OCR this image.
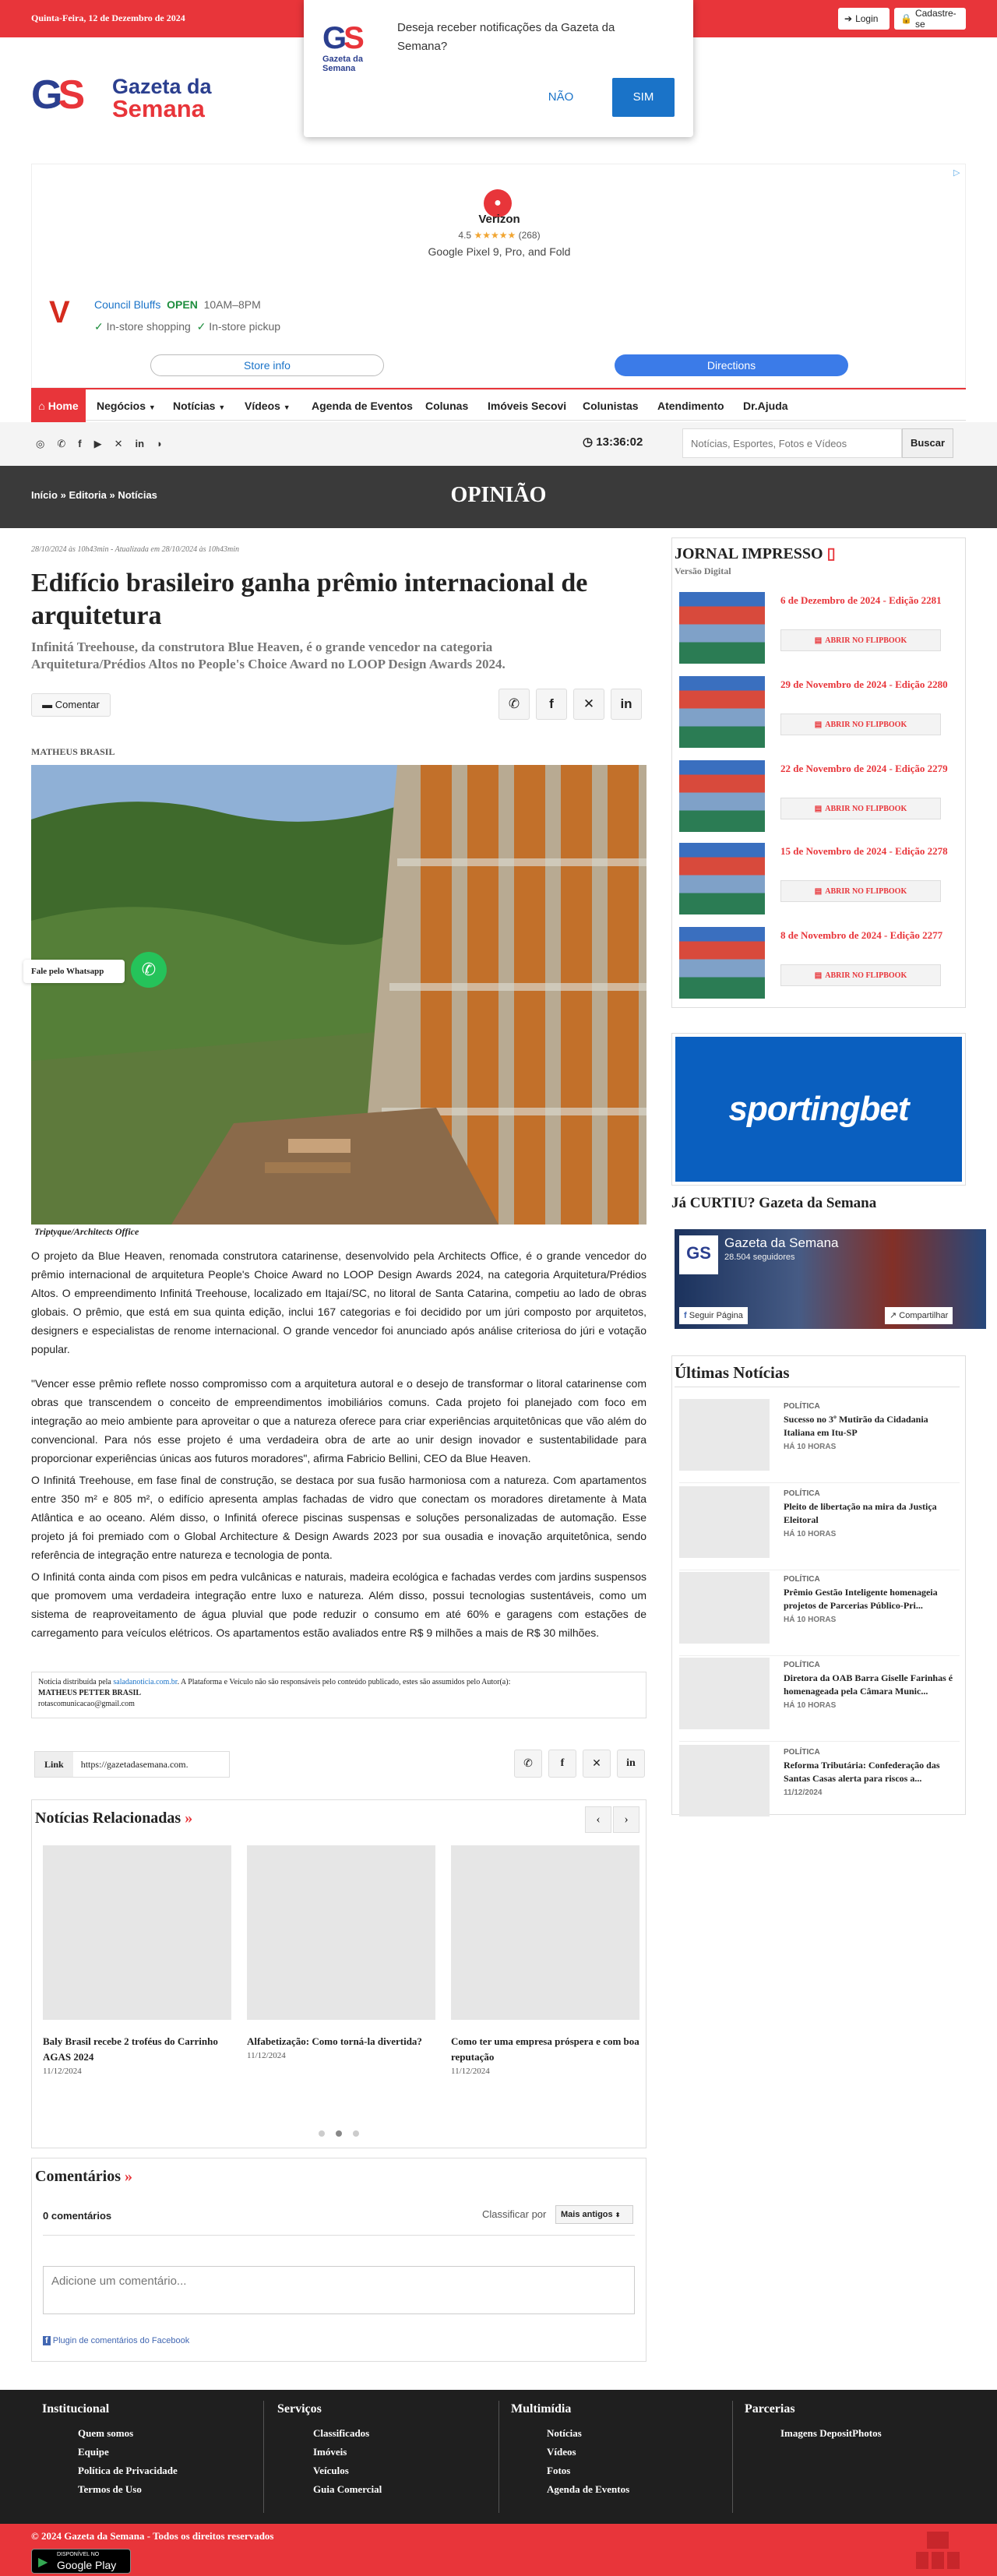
Quinta-Feira, 12 de Dezembro de 2024	➔ Login 🔒 Cadastre-se
GS Gazeta da
Semana
GS
Gazeta da Semana
Deseja receber notificações da Gazeta da Semana?
NÃO	SIM
▷
●
Verizon
4.5 ★★★★★ (268)
Google Pixel 9, Pro, and Fold
V Council Bluffs OPEN 10AM–8PM
✓ In-store shopping ✓ In-store pickup
Store info	Directions
⌂ Home	Negócios ▼ Notícias ▼ Vídeos ▼ Agenda de Eventos Colunas Imóveis Secovi Colunistas Atendimento Dr.Ajuda
◎ ✆ f ▶ ✕ in ◗	◷ 13:36:02
Notícias, Esportes, Fotos e Vídeos	Buscar
Início » Editoria » Notícias	OPINIÃO
28/10/2024 às 10h43min - Atualizada em 28/10/2024 às 10h43min
Edifício brasileiro ganha prêmio internacional de arquitetura
Infinitá Treehouse, da construtora Blue Heaven, é o grande vencedor na categoria Arquitetura/Prédios Altos no People's Choice Award no LOOP Design Awards 2024.
▬ Comentar	✆	f	✕	in
MATHEUS BRASIL
Triptyque/Architects Office
Fale pelo Whatsapp	✆

O projeto da Blue Heaven, renomada construtora catarinense, desenvolvido pela Architects Office, é o grande vencedor do prêmio internacional de arquitetura People's Choice Award no LOOP Design Awards 2024, na categoria Arquitetura/Prédios Altos. O empreendimento Infinitá Treehouse, localizado em Itajaí/SC, no litoral de Santa Catarina, competiu ao lado de obras globais. O prêmio, que está em sua quinta edição, inclui 167 categorias e foi decidido por um júri composto por arquitetos, designers e especialistas de renome internacional. O grande vencedor foi anunciado após análise criteriosa do júri e votação popular.

"Vencer esse prêmio reflete nosso compromisso com a arquitetura autoral e o desejo de transformar o litoral catarinense com obras que transcendem o conceito de empreendimentos imobiliários comuns. Cada projeto foi planejado com foco em integração ao meio ambiente para aproveitar o que a natureza oferece para criar experiências arquitetônicas que vão além do convencional. Para nós esse projeto é uma verdadeira obra de arte ao unir design inovador e sustentabilidade para proporcionar experiências únicas aos futuros moradores", afirma Fabricio Bellini, CEO da Blue Heaven.

O Infinitá Treehouse, em fase final de construção, se destaca por sua fusão harmoniosa com a natureza. Com apartamentos entre 350 m² e 805 m², o edifício apresenta amplas fachadas de vidro que conectam os moradores diretamente à Mata Atlântica e ao oceano. Além disso, o Infinitá oferece piscinas suspensas e soluções personalizadas de automação. Esse projeto já foi premiado com o Global Architecture & Design Awards 2023 por sua ousadia e inovação arquitetônica, sendo referência de integração entre natureza e tecnologia de ponta.

O Infinitá conta ainda com pisos em pedra vulcânicas e naturais, madeira ecológica e fachadas verdes com jardins suspensos que promovem uma verdadeira integração entre luxo e natureza. Além disso, possui tecnologias sustentáveis, como um sistema de reaproveitamento de água pluvial que pode reduzir o consumo em até 60% e garagens com estações de carregamento para veículos elétricos. Os apartamentos estão avaliados entre R$ 9 milhões a mais de R$ 30 milhões.

Notícia distribuída pela saladanoticia.com.br. A Plataforma e Veículo não são responsáveis pelo conteúdo publicado, estes são assumidos pelo Autor(a):
MATHEUS PETTER BRASIL
rotascomunicacao@gmail.com
Link	https://gazetadasemana.com.	✆	f	✕	in
Notícias Relacionadas »	‹	›
Baly Brasil recebe 2 troféus do Carrinho AGAS 2024
11/12/2024
Alfabetização: Como torná-la divertida?
11/12/2024
Como ter uma empresa próspera e com boa reputação
11/12/2024
Comentários »
0 comentários	Classificar por	Mais antigos ⬍
Adicione um comentário...
f Plugin de comentários do Facebook
JORNAL IMPRESSO ▯
Versão Digital
6 de Dezembro de 2024 - Edição 2281
▤ ABRIR NO FLIPBOOK
29 de Novembro de 2024 - Edição 2280
▤ ABRIR NO FLIPBOOK
22 de Novembro de 2024 - Edição 2279
▤ ABRIR NO FLIPBOOK
15 de Novembro de 2024 - Edição 2278
▤ ABRIR NO FLIPBOOK
8 de Novembro de 2024 - Edição 2277
▤ ABRIR NO FLIPBOOK
sportingbet
Já CURTIU? Gazeta da Semana
GS
Gazeta da Semana
28.504 seguidores
f Seguir Página	↗ Compartilhar
Últimas Notícias
POLÍTICA
Sucesso no 3º Mutirão da Cidadania Italiana em Itu-SP
HÁ 10 HORAS
POLÍTICA
Pleito de libertação na mira da Justiça Eleitoral
HÁ 10 HORAS
POLÍTICA
Prêmio Gestão Inteligente homenageia projetos de Parcerias Público-Pri...
HÁ 10 HORAS
POLÍTICA
Diretora da OAB Barra Giselle Farinhas é homenageada pela Câmara Munic...
HÁ 10 HORAS
POLÍTICA
Reforma Tributária: Confederação das Santas Casas alerta para riscos a...
11/12/2024
Institucional
Quem somos
Equipe
Política de Privacidade
Termos de Uso
Serviços
Classificados
Imóveis
Veículos
Guia Comercial
Multimídia
Notícias
Vídeos
Fotos
Agenda de Eventos
Parcerias
Imagens DepositPhotos
© 2024 Gazeta da Semana - Todos os direitos reservados
▶
DISPONÍVEL NO
Google Play
